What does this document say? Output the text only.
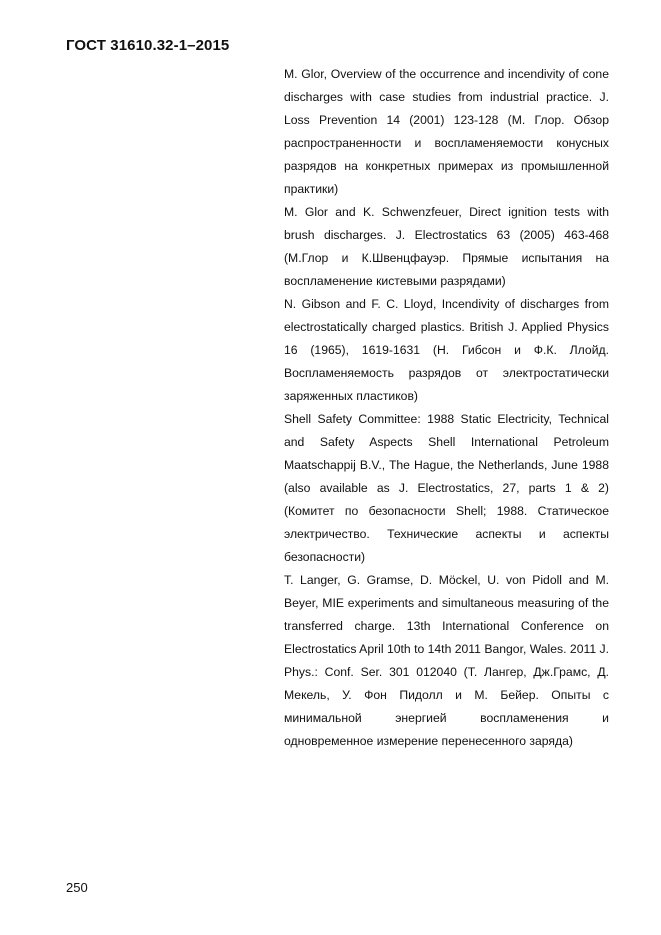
ГОСТ 31610.32-1–2015

M. Glor, Overview of the occurrence and incendivity of cone discharges with case studies from industrial practice. J. Loss Prevention 14 (2001) 123-128 (М. Глор. Обзор распространенности и воспламеняемости конусных разрядов на конкретных примерах из промышленной практики)

M. Glor and K. Schwenzfeuer, Direct ignition tests with brush discharges. J. Electrostatics 63 (2005) 463-468 (М.Глор и К.Швенцфауэр. Прямые испытания на воспламенение кистевыми разрядами)

N. Gibson and F. C. Lloyd, Incendivity of discharges from electrostatically charged plastics. British J. Applied Physics 16 (1965), 1619-1631 (Н. Гибсон и Ф.К. Ллойд. Воспламеняемость разрядов от электростатически заряженных пластиков)

Shell Safety Committee: 1988 Static Electricity, Technical and Safety Aspects Shell International Petroleum Maatschappij B.V., The Hague, the Netherlands, June 1988 (also available as J. Electrostatics, 27, parts 1 & 2) (Комитет по безопасности Shell; 1988. Статическое электричество. Технические аспекты и аспекты безопасности)

T. Langer, G. Gramse, D. Möckel, U. von Pidoll and M. Beyer, MIE experiments and simultaneous measuring of the transferred charge. 13th International Conference on Electrostatics April 10th to 14th 2011 Bangor, Wales. 2011 J. Phys.: Conf. Ser. 301 012040 (Т. Лангер, Дж.Грамс, Д. Мекель, У. Фон Пидолл и М. Бейер. Опыты с минимальной энергией воспламенения и одновременное измерение перенесенного заряда)

250
